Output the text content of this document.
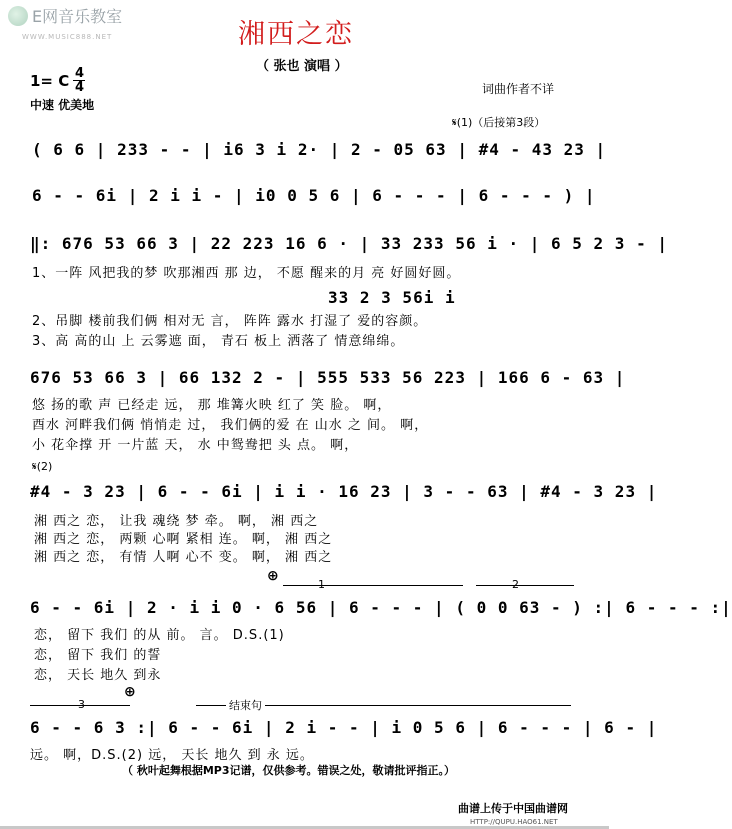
E网音乐教室
WWW.MUSIC888.NET	湘西之恋
（ 张也 演唱 ）
词曲作者不详
1= C 4
4
中速 优美地
𝄋(1)（后接第3段）
( 6 6 | 233 - - | i6 3 i 2· | 2 - 05 63 | #4 - 43 23 |
6 - - 6i | 2 i i - | i0 0 5 6 | 6 - - - | 6 - - - ) |
‖: 676 53 66 3 | 22 223 16 6 · | 33 233 56 i · | 6 5 2 3 - |
1、一阵 风把我的梦 吹那湘西 那 边， 不愿 醒来的月 亮 好圆好圆。
33 2 3 56i i
2、吊脚 楼前我们俩 相对无 言， 阵阵 露水 打湿了 爱的容颜。
3、高 高的山 上 云雾遮 面， 青石 板上 洒落了 情意绵绵。
676 53 66 3 | 66 132 2 - | 555 533 56 223 | 166 6 - 63 |
悠 扬的歌 声 已经走 远， 那 堆篝火映 红了 笑 脸。 啊，
酉水 河畔我们俩 悄悄走 过， 我们俩的爱 在 山水 之 间。 啊，
小 花伞撑 开 一片蓝 天， 水 中鸳鸯把 头 点。 啊，
𝄋(2)
#4 - 3 23 | 6 - - 6i | i i · 16 23 | 3 - - 63 | #4 - 3 23 |
湘 西之 恋， 让我 魂绕 梦 牵。 啊， 湘 西之
湘 西之 恋， 两颗 心啊 紧相 连。 啊， 湘 西之
湘 西之 恋， 有情 人啊 心不 变。 啊， 湘 西之
⊕
1	2
6 - - 6i | 2 · i i 0 · 6 56 | 6 - - - | ( 0 0 63 - ) :| 6 - - - :|
恋， 留下 我们 的从 前。 言。 D.S.(1)
恋， 留下 我们 的誓
恋， 天长 地久 到永
3
⊕
结束句
6 - - 6 3 :| 6 - - 6i | 2 i - - | i 0 5 6 | 6 - - - | 6 - |
远。 啊，D.S.(2) 远， 天长 地久 到 永 远。
（ 秋叶起舞根据MP3记谱，仅供参考。错误之处，敬请批评指正。）
曲谱上传于中国曲谱网
HTTP://QUPU.HAO61.NET
